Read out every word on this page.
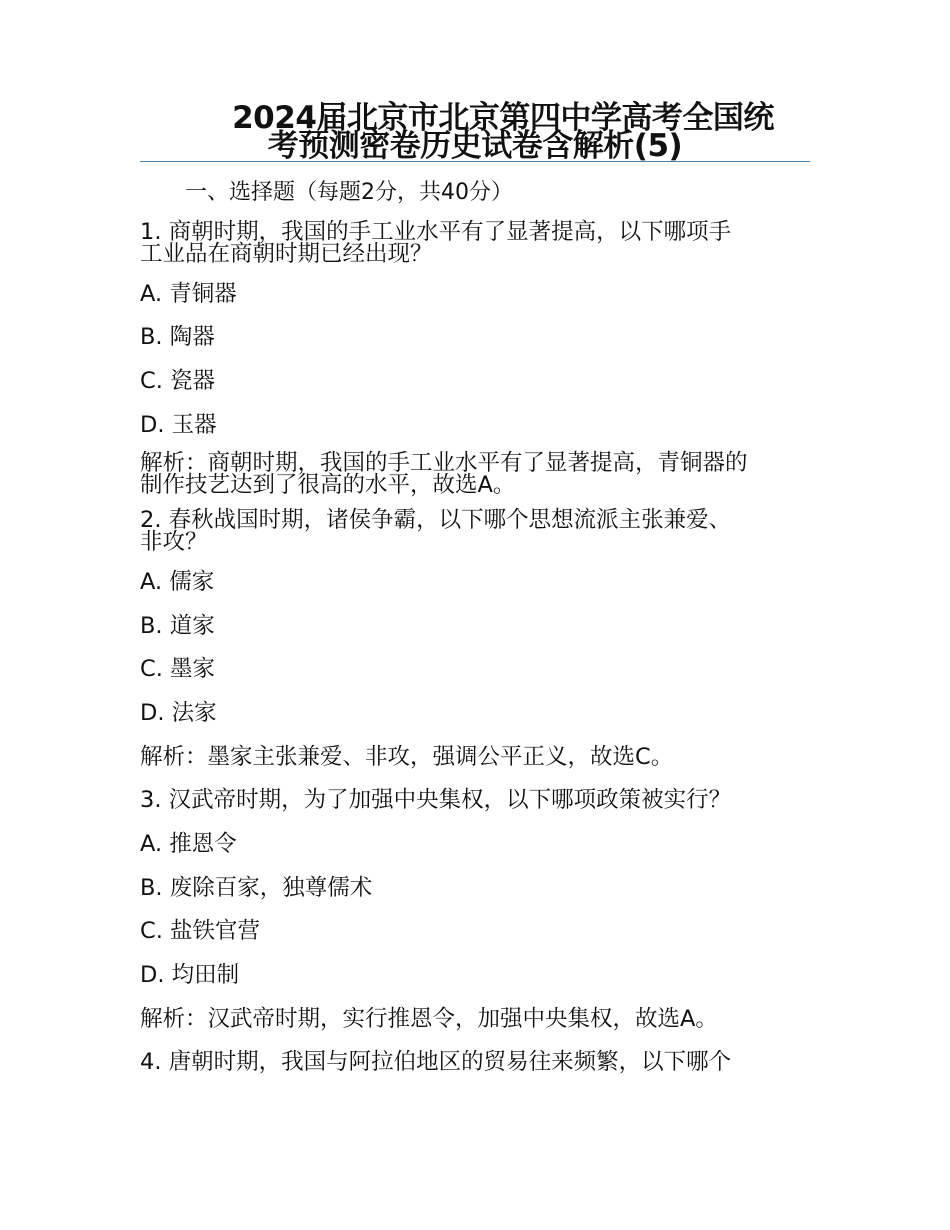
2024届北京市北京第四中学高考全国统
考预测密卷历史试卷含解析(5)
一、选择题（每题2分，共40分）

1. 商朝时期，我国的手工业水平有了显著提高，以下哪项手

工业品在商朝时期已经出现？

A. 青铜器
B. 陶器
C. 瓷器
D. 玉器

解析：商朝时期，我国的手工业水平有了显著提高，青铜器的

制作技艺达到了很高的水平，故选A。

2. 春秋战国时期，诸侯争霸，以下哪个思想流派主张兼爱、

非攻？

A. 儒家
B. 道家
C. 墨家
D. 法家
解析：墨家主张兼爱、非攻，强调公平正义，故选C。
3. 汉武帝时期，为了加强中央集权，以下哪项政策被实行？
A. 推恩令
B. 废除百家，独尊儒术
C. 盐铁官营
D. 均田制
解析：汉武帝时期，实行推恩令，加强中央集权，故选A。
4. 唐朝时期，我国与阿拉伯地区的贸易往来频繁，以下哪个
